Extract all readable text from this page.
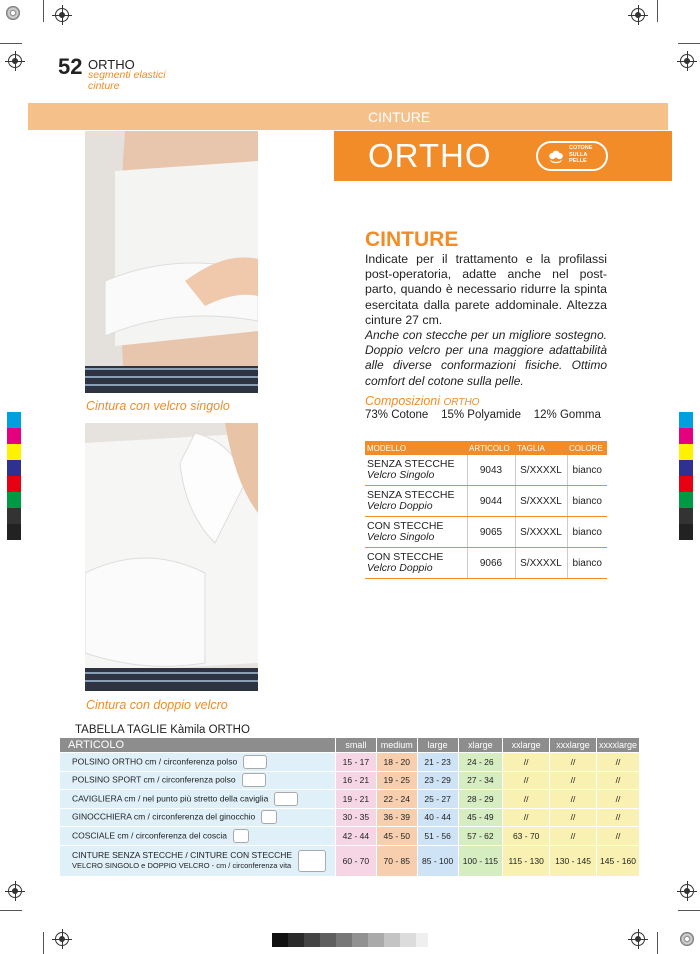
52 ORTHO
segmenti elastici
cinture
CINTURE
ORTHO	COTONE
SULLA
PELLE
Cintura con velcro singolo
Cintura con doppio velcro
CINTURE
Indicate per il trattamento e la profilassi post-operatoria, adatte anche nel post-parto, quando è necessario ridurre la spinta esercitata dalla parete addominale. Altezza cinture 27 cm.
Anche con stecche per un migliore sostegno. Doppio velcro per una maggiore adattabilità alle diverse conformazioni fisiche. Ottimo comfort del cotone sulla pelle.
Composizioni ORTHO
73% Cotone    15% Polyamide    12% Gomma
MODELLO	ARTICOLO	TAGLIA	COLORE
SENZA STECCHE
Velcro Singolo	9043	S/XXXXL	bianco
SENZA STECCHE
Velcro Doppio	9044	S/XXXXL	bianco
CON STECCHE
Velcro Singolo	9065	S/XXXXL	bianco
CON STECCHE
Velcro Doppio	9066	S/XXXXL	bianco
TABELLA TAGLIE Kàmila ORTHO
ARTICOLO	small	medium	large	xlarge	xxlarge	xxxlarge	xxxxlarge
POLSINO ORTHO cm / circonferenza polso	15 - 17	18 - 20	21 - 23	24 - 26	//	//	//
POLSINO SPORT cm / circonferenza polso	16 - 21	19 - 25	23 - 29	27 - 34	//	//	//
CAVIGLIERA cm / nel punto più stretto della caviglia	19 - 21	22 - 24	25 - 27	28 - 29	//	//	//
GINOCCHIERA cm / circonferenza del ginocchio	30 - 35	36 - 39	40 - 44	45 - 49	//	//	//
COSCIALE cm / circonferenza del coscia	42 - 44	45 - 50	51 - 56	57 - 62	63 - 70	//	//

CINTURE SENZA STECCHE / CINTURE CON STECCHE
VELCRO SINGOLO e DOPPIO VELCRO - cm / circonferenza vita	60 - 70	70 - 85	85 - 100	100 - 115	115 - 130	130 - 145	145 - 160
